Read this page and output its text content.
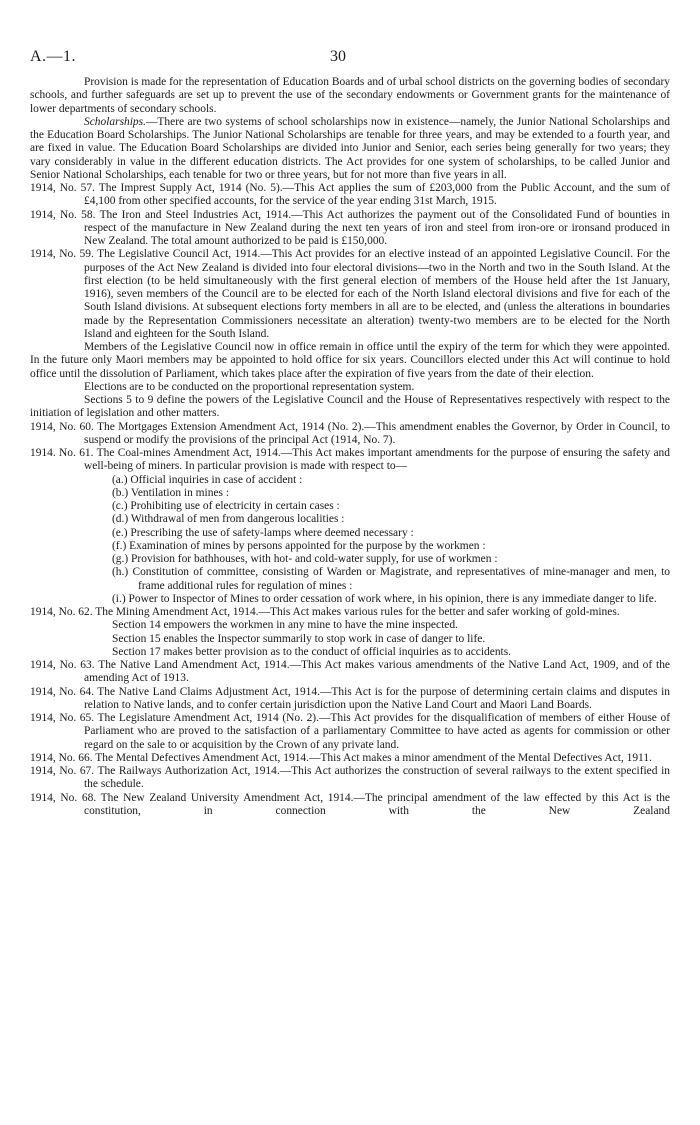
A.—1.	30

Provision is made for the representation of Education Boards and of urbal school districts on the governing bodies of secondary schools, and further safeguards are set up to prevent the use of the secondary endowments or Government grants for the maintenance of lower departments of secondary schools.

Scholarships.—There are two systems of school scholarships now in existence—namely, the Junior National Scholarships and the Education Board Scholarships. The Junior National Scholarships are tenable for three years, and may be extended to a fourth year, and are fixed in value. The Education Board Scholarships are divided into Junior and Senior, each series being generally for two years; they vary considerably in value in the different education districts. The Act provides for one system of scholarships, to be called Junior and Senior National Scholarships, each tenable for two or three years, but for not more than five years in all.

1914, No. 57. The Imprest Supply Act, 1914 (No. 5).—This Act applies the sum of £203,000 from the Public Account, and the sum of £4,100 from other specified accounts, for the service of the year ending 31st March, 1915.

1914, No. 58. The Iron and Steel Industries Act, 1914.—This Act authorizes the payment out of the Consolidated Fund of bounties in respect of the manufacture in New Zealand during the next ten years of iron and steel from iron-ore or ironsand produced in New Zealand. The total amount authorized to be paid is £150,000.

1914, No. 59. The Legislative Council Act, 1914.—This Act provides for an elective instead of an appointed Legislative Council. For the purposes of the Act New Zealand is divided into four electoral divisions—two in the North and two in the South Island. At the first election (to be held simultaneously with the first general election of members of the House held after the 1st January, 1916), seven members of the Council are to be elected for each of the North Island electoral divisions and five for each of the South Island divisions. At subsequent elections forty members in all are to be elected, and (unless the alterations in boundaries made by the Representation Commissioners necessitate an alteration) twenty-two members are to be elected for the North Island and eighteen for the South Island.

Members of the Legislative Council now in office remain in office until the expiry of the term for which they were appointed. In the future only Maori members may be appointed to hold office for six years. Councillors elected under this Act will continue to hold office until the dissolution of Parliament, which takes place after the expiration of five years from the date of their election.

Elections are to be conducted on the proportional representation system.

Sections 5 to 9 define the powers of the Legislative Council and the House of Representatives respectively with respect to the initiation of legislation and other matters.

1914, No. 60. The Mortgages Extension Amendment Act, 1914 (No. 2).—This amendment enables the Governor, by Order in Council, to suspend or modify the provisions of the principal Act (1914, No. 7).

1914. No. 61. The Coal-mines Amendment Act, 1914.—This Act makes important amendments for the purpose of ensuring the safety and well-being of miners. In particular provision is made with respect to—

(a.) Official inquiries in case of accident :

(b.) Ventilation in mines :

(c.) Prohibiting use of electricity in certain cases :

(d.) Withdrawal of men from dangerous localities :

(e.) Prescribing the use of safety-lamps where deemed necessary :

(f.) Examination of mines by persons appointed for the purpose by the workmen :

(g.) Provision for bathhouses, with hot- and cold-water supply, for use of workmen :

(h.) Constitution of committee, consisting of Warden or Magistrate, and representatives of mine-manager and men, to frame additional rules for regulation of mines :

(i.) Power to Inspector of Mines to order cessation of work where, in his opinion, there is any immediate danger to life.

1914, No. 62. The Mining Amendment Act, 1914.—This Act makes various rules for the better and safer working of gold-mines.

Section 14 empowers the workmen in any mine to have the mine inspected.

Section 15 enables the Inspector summarily to stop work in case of danger to life.

Section 17 makes better provision as to the conduct of official inquiries as to accidents.

1914, No. 63. The Native Land Amendment Act, 1914.—This Act makes various amendments of the Native Land Act, 1909, and of the amending Act of 1913.

1914, No. 64. The Native Land Claims Adjustment Act, 1914.—This Act is for the purpose of determining certain claims and disputes in relation to Native lands, and to confer certain jurisdiction upon the Native Land Court and Maori Land Boards.

1914, No. 65. The Legislature Amendment Act, 1914 (No. 2).—This Act provides for the disqualification of members of either House of Parliament who are proved to the satisfaction of a parliamentary Committee to have acted as agents for commission or other regard on the sale to or acquisition by the Crown of any private land.

1914, No. 66. The Mental Defectives Amendment Act, 1914.—This Act makes a minor amendment of the Mental Defectives Act, 1911.

1914, No. 67. The Railways Authorization Act, 1914.—This Act authorizes the construction of several railways to the extent specified in the schedule.

1914, No. 68. The New Zealand University Amendment Act, 1914.—The principal amendment of the law effected by this Act is the constitution, in connection with the New Zealand
